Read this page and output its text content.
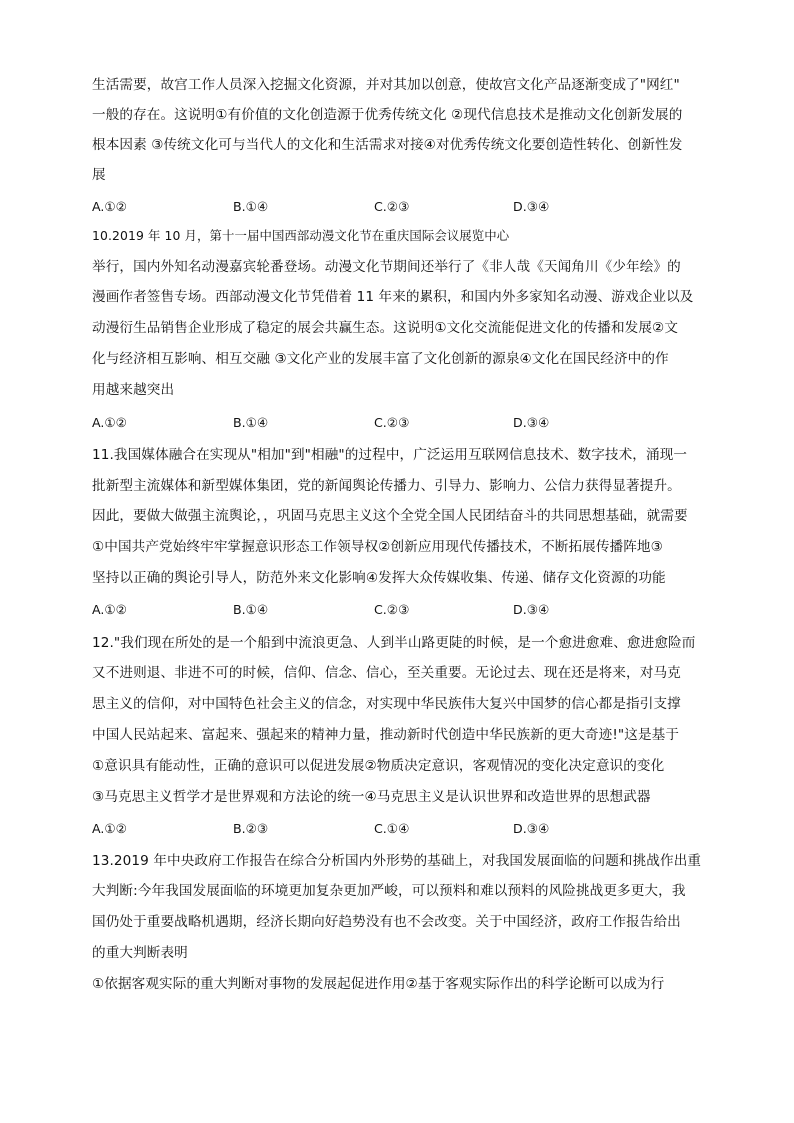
生活需要，故宫工作人员深入挖掘文化资源，并对其加以创意，使故宫文化产品逐渐变成了"网红"
一般的存在。这说明①有价值的文化创造源于优秀传统文化 ②现代信息技术是推动文化创新发展的
根本因素 ③传统文化可与当代人的文化和生活需求对接④对优秀传统文化要创造性转化、创新性发
展
A.①②	B.①④	C.②③	D.③④
10.2019 年 10 月，第十一届中国西部动漫文化节在重庆国际会议展览中心
举行，国内外知名动漫嘉宾轮番登场。动漫文化节期间还举行了《非人哉《天闻角川《少年绘》的
漫画作者签售专场。西部动漫文化节凭借着 11 年来的累积，和国内外多家知名动漫、游戏企业以及
动漫衍生品销售企业形成了稳定的展会共赢生态。这说明①文化交流能促进文化的传播和发展②文
化与经济相互影响、相互交融 ③文化产业的发展丰富了文化创新的源泉④文化在国民经济中的作
用越来越突出
A.①②	B.①④	C.②③	D.③④
11.我国媒体融合在实现从"相加"到"相融"的过程中，广泛运用互联网信息技术、数字技术，涌现一
批新型主流媒体和新型媒体集团，党的新闻舆论传播力、引导力、影响力、公信力获得显著提升。
因此，要做大做强主流舆论，，巩固马克思主义这个全党全国人民团结奋斗的共同思想基础，就需要
①中国共产党始终牢牢掌握意识形态工作领导权②创新应用现代传播技术，不断拓展传播阵地③
坚持以正确的舆论引导人，防范外来文化影响④发挥大众传媒收集、传递、储存文化资源的功能
A.①②	B.①④	C.②③	D.③④
12."我们现在所处的是一个船到中流浪更急、人到半山路更陡的时候，是一个愈进愈难、愈进愈险而
又不进则退、非进不可的时候，信仰、信念、信心，至关重要。无论过去、现在还是将来，对马克
思主义的信仰，对中国特色社会主义的信念，对实现中华民族伟大复兴中国梦的信心都是指引支撑
中国人民站起来、富起来、强起来的精神力量，推动新时代创造中华民族新的更大奇迹!"这是基于
①意识具有能动性，正确的意识可以促进发展②物质决定意识，客观情况的变化决定意识的变化
③马克思主义哲学才是世界观和方法论的统一④马克思主义是认识世界和改造世界的思想武器
A.①②	B.②③	C.①④	D.③④
13.2019 年中央政府工作报告在综合分析国内外形势的基础上，对我国发展面临的问题和挑战作出重
大判断:今年我国发展面临的环境更加复杂更加严峻，可以预料和难以预料的风险挑战更多更大，我
国仍处于重要战略机遇期，经济长期向好趋势没有也不会改变。关于中国经济，政府工作报告给出
的重大判断表明
①依据客观实际的重大判断对事物的发展起促进作用②基于客观实际作出的科学论断可以成为行
